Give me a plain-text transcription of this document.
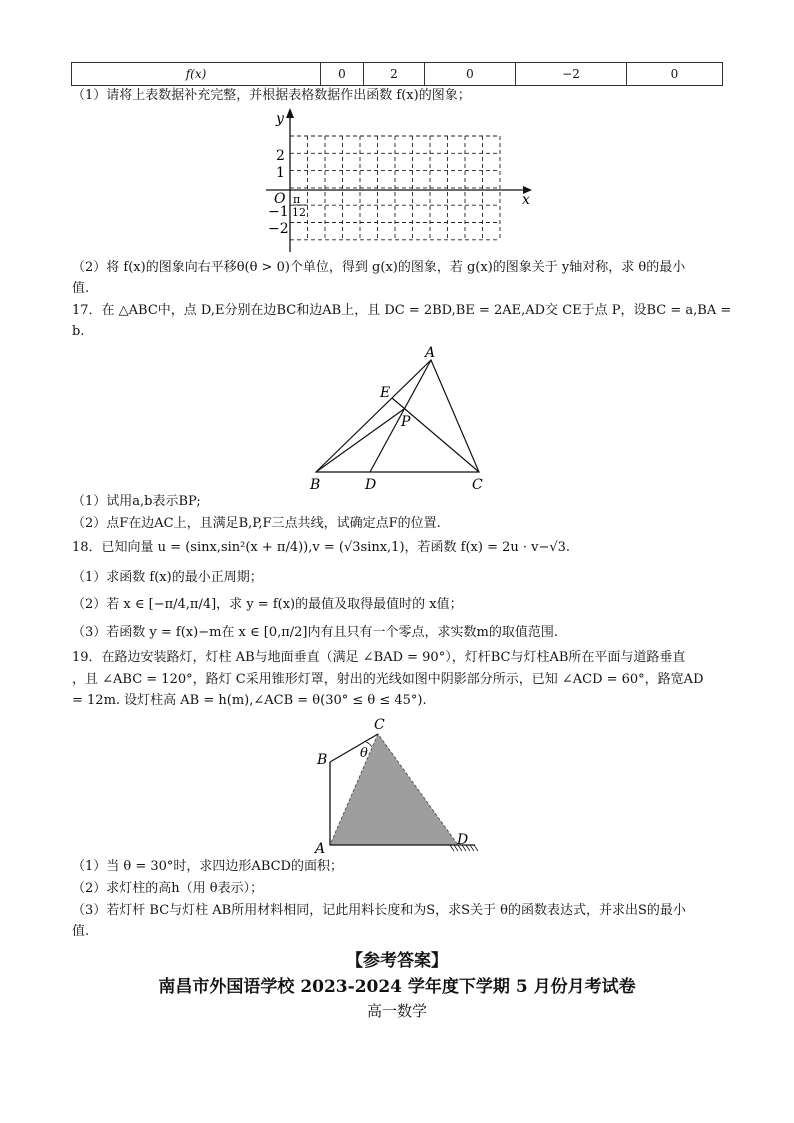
f(x)	0	2	0	−2	0
（1）请将上表数据补充完整，并根据表格数据作出函数 f(x)的图象；
y
x
O
2
1
−1
−2
π
12
（2）将 f(x)的图象向右平移θ(θ > 0)个单位，得到 g(x)的图象，若 g(x)的图象关于 y轴对称，求 θ的最小
值.
17．在 △ABC中，点 D,E分别在边BC和边AB上，且 DC = 2BD,BE = 2AE,AD交 CE于点 P，设BC = a,BA =
b.
A
E
P
B	D	C
（1）试用a,b表示BP;
（2）点F在边AC上，且满足B,P,F三点共线，试确定点F的位置.
18．已知向量 u = (sinx,sin²(x + π/4)),v = (√3sinx,1)，若函数 f(x) = 2u · v−√3.
（1）求函数 f(x)的最小正周期；
（2）若 x ∈ [−π/4,π/4]，求 y = f(x)的最值及取得最值时的 x值；
（3）若函数 y = f(x)−m在 x ∈ [0,π/2]内有且只有一个零点，求实数m的取值范围.
19．在路边安装路灯，灯柱 AB与地面垂直（满足 ∠BAD = 90°），灯杆BC与灯柱AB所在平面与道路垂直
，且 ∠ABC = 120°，路灯 C采用锥形灯罩，射出的光线如图中阴影部分所示，已知 ∠ACD = 60°，路宽AD
= 12m. 设灯柱高 AB = h(m),∠ACB = θ(30° ≤ θ ≤ 45°).
C
θ
B
A
D
（1）当 θ = 30°时，求四边形ABCD的面积；
（2）求灯柱的高h（用 θ表示）；
（3）若灯杆 BC与灯柱 AB所用材料相同，记此用料长度和为S，求S关于 θ的函数表达式，并求出S的最小
值.
【参考答案】
南昌市外国语学校 2023-2024 学年度下学期 5 月份月考试卷
高一数学
